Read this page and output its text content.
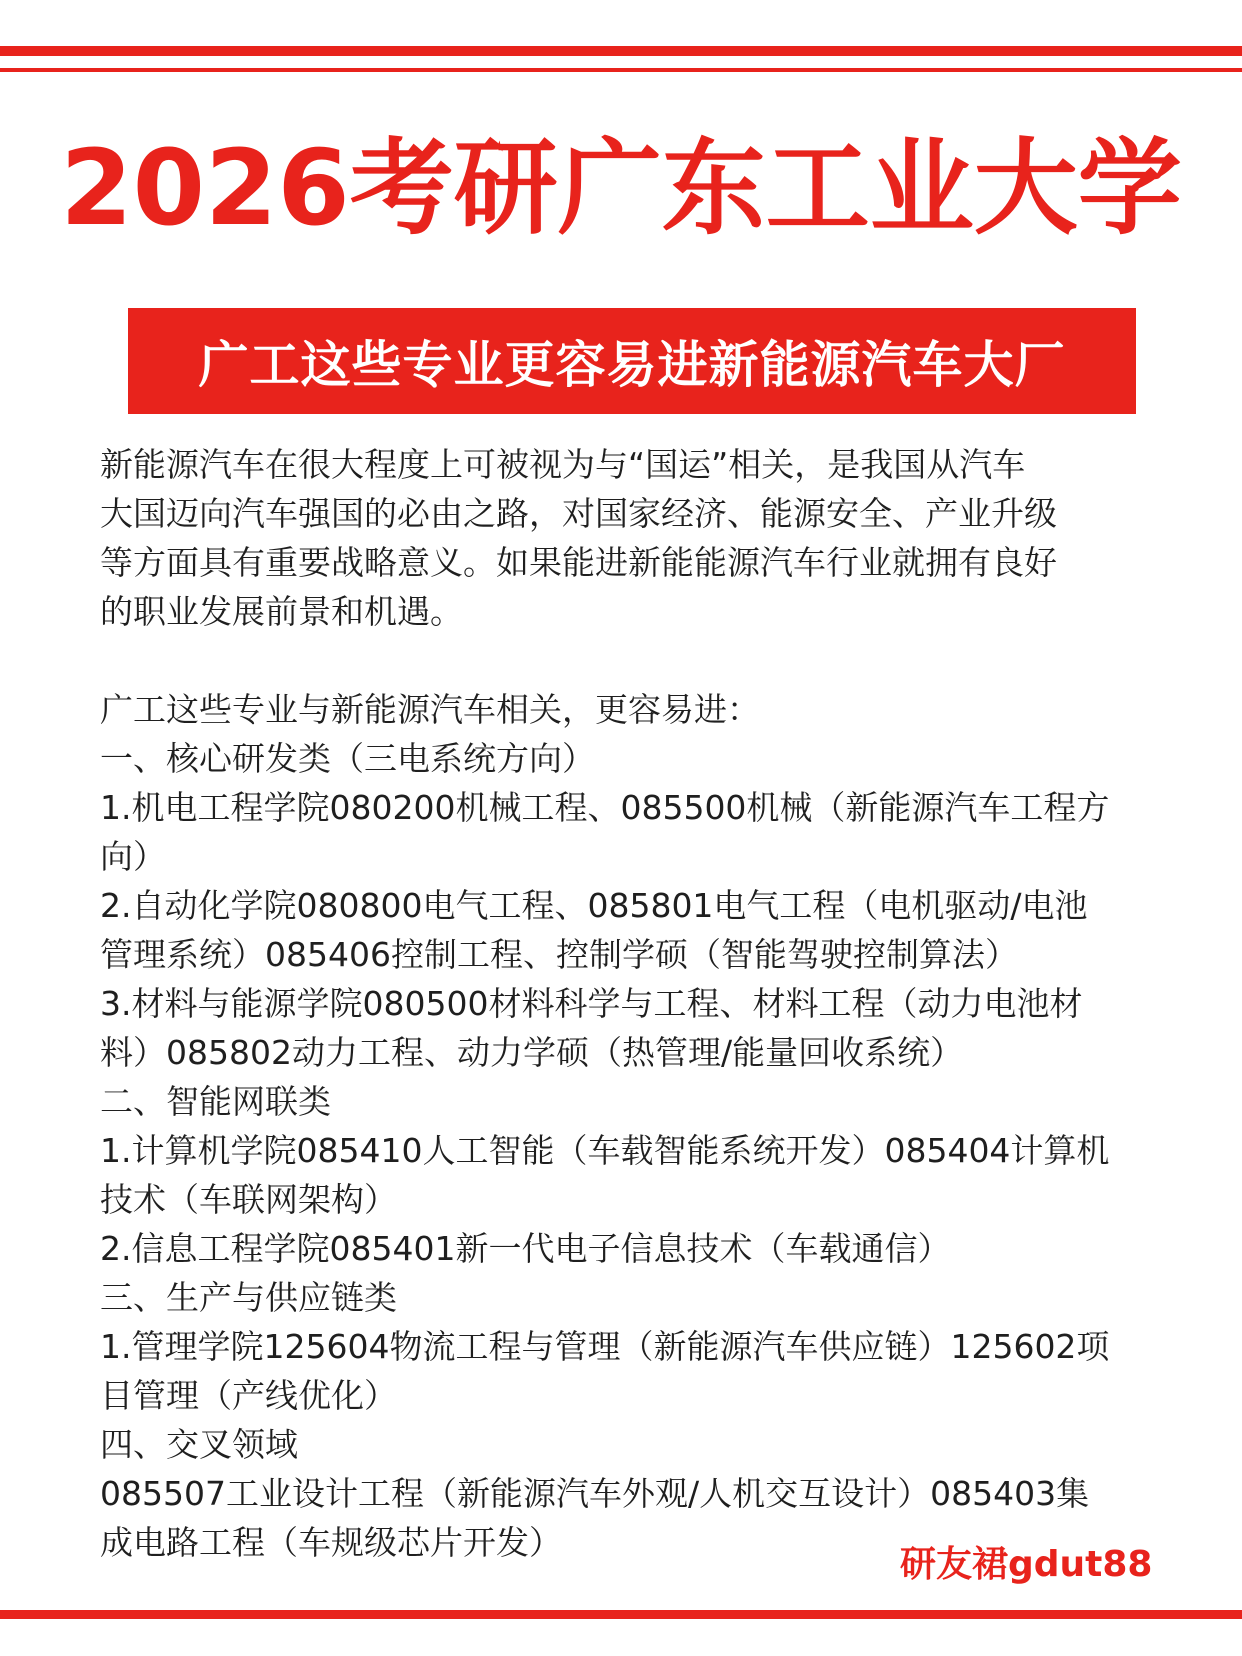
2026考研广东工业大学
广工这些专业更容易进新能源汽车大厂

新能源汽车在很大程度上可被视为与“国运”相关，是我国从汽车
大国迈向汽车强国的必由之路，对国家经济、能源安全、产业升级
等方面具有重要战略意义。如果能进新能能源汽车行业就拥有良好
的职业发展前景和机遇。

广工这些专业与新能源汽车相关，更容易进：
一、核心研发类（三电系统方向）
1.机电工程学院080200机械工程、085500机械（新能源汽车工程方
向）
2.自动化学院080800电气工程、085801电气工程（电机驱动/电池
管理系统）085406控制工程、控制学硕（智能驾驶控制算法）
3.材料与能源学院080500材料科学与工程、材料工程（动力电池材
料）085802动力工程、动力学硕（热管理/能量回收系统）
二、智能网联类
1.计算机学院085410人工智能（车载智能系统开发）085404计算机
技术（车联网架构）
2.信息工程学院085401新一代电子信息技术（车载通信）
三、生产与供应链类
1.管理学院125604物流工程与管理（新能源汽车供应链）125602项
目管理（产线优化）
四、交叉领域
085507工业设计工程（新能源汽车外观/人机交互设计）085403集
成电路工程（车规级芯片开发）

研友裙gdut88
